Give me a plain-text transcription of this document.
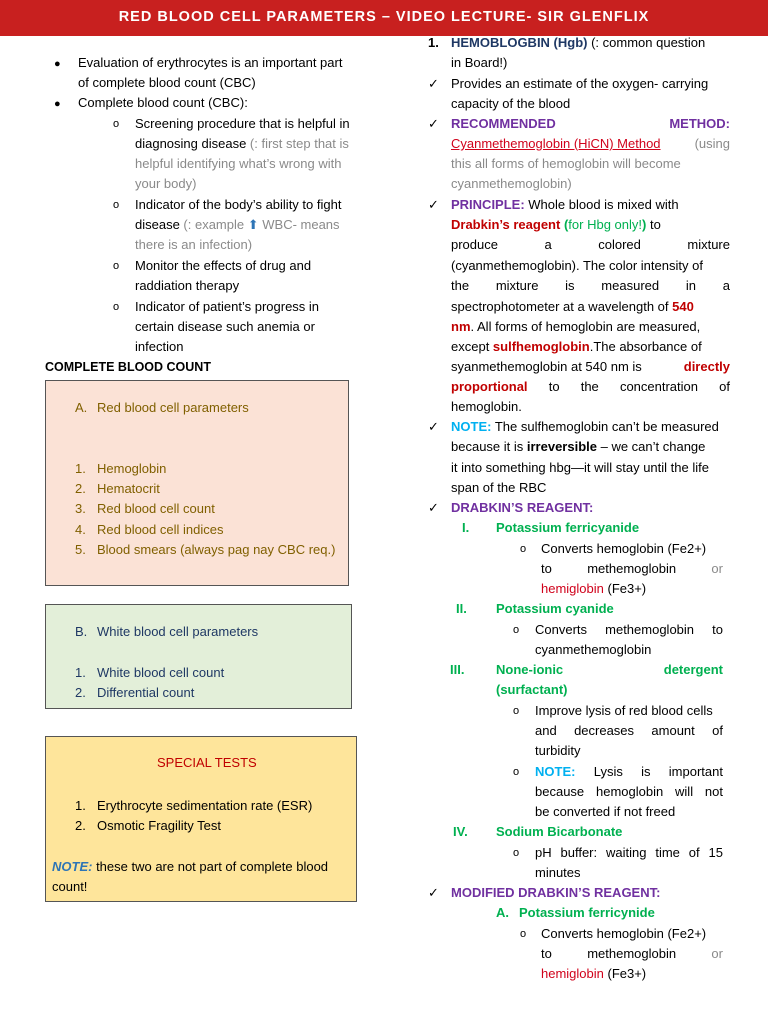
RED BLOOD CELL PARAMETERS – VIDEO LECTURE- SIR GLENFLIX
● Evaluation of erythrocytes is an important part
of complete blood count (CBC)
● Complete blood count (CBC):
o Screening procedure that is helpful in
diagnosing disease (: first step that is
helpful identifying what’s wrong with
your body)
o Indicator of the body’s ability to fight
disease (: example ⬆ WBC- means
there is an infection)
o Monitor the effects of drug and
raddiation therapy
o Indicator of patient’s progress in
certain disease such anemia or
infection
COMPLETE BLOOD COUNT
A. Red blood cell parameters
1. Hemoglobin
2. Hematocrit
3. Red blood cell count
4. Red blood cell indices
5. Blood smears (always pag nay CBC req.)
B. White blood cell parameters
1. White blood cell count
2. Differential count
SPECIAL TESTS
1. Erythrocyte sedimentation rate (ESR)
2. Osmotic Fragility Test
NOTE: these two are not part of complete blood
count!
1. HEMOBLOGBIN (Hgb) (: common question
in Board!)
✓ Provides an estimate of the oxygen- carrying
capacity of the blood
✓ RECOMMENDED	METHOD:
Cyanmethemoglobin (HiCN) Method	(using
this all forms of hemoglobin will become
cyanmethemoglobin)
✓ PRINCIPLE: Whole blood is mixed with
Drabkin’s reagent (for Hbg only!) to
produce	a	colored	mixture
(cyanmethemoglobin). The color intensity of
the mixture is measured in a
spectrophotometer at a wavelength of 540
nm. All forms of hemoglobin are measured,
except sulfhemoglobin.The absorbance of
syanmethemoglobin at 540 nm is	directly
proportional to the concentration of
hemoglobin.
✓ NOTE: The sulfhemoglobin can’t be measured
because it is irreversible – we can’t change
it into something hbg—it will stay until the life
span of the RBC
✓ DRABKIN’S REAGENT:
I. Potassium ferricyanide
o Converts hemoglobin (Fe2+)
to	methemoglobin	or
hemiglobin (Fe3+)
II. Potassium cyanide
o Converts methemoglobin to
cyanmethemoglobin
III. None-ionic	detergent
(surfactant)
o Improve lysis of red blood cells
and decreases amount of
turbidity
o NOTE: Lysis is important
because hemoglobin will not
be converted if not freed
IV. Sodium Bicarbonate
o pH buffer: waiting time of 15
minutes
✓ MODIFIED DRABKIN’S REAGENT:
A. Potassium ferricynide
o Converts hemoglobin (Fe2+)
to	methemoglobin	or
hemiglobin (Fe3+)
